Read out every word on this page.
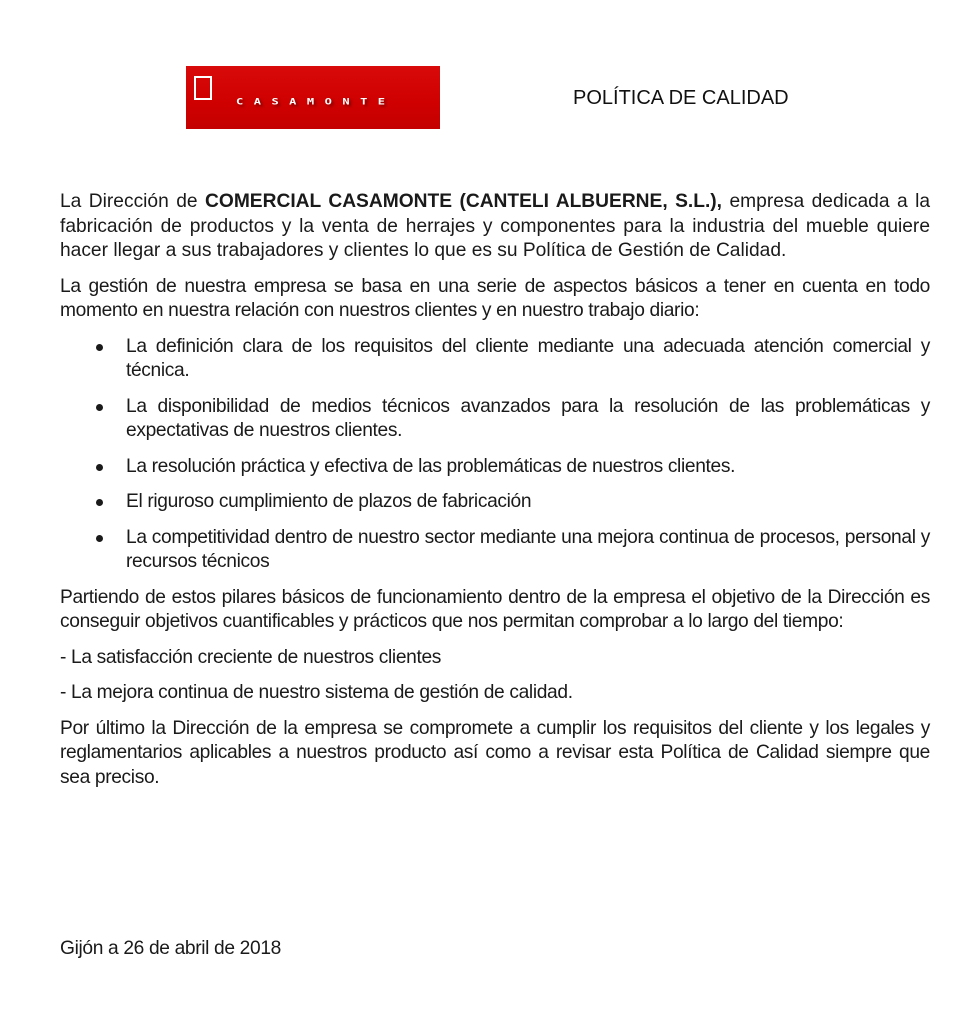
CASAMONTE	POLÍTICA DE CALIDAD

La Dirección de COMERCIAL CASAMONTE (CANTELI ALBUERNE, S.L.), empresa dedicada a la fabricación de productos y la venta de herrajes y componentes para la industria del mueble quiere hacer llegar a sus trabajadores y clientes lo que es su Política de Gestión de Calidad.

La gestión de nuestra empresa se basa en una serie de aspectos básicos a tener en cuenta en todo momento en nuestra relación con nuestros clientes y en nuestro trabajo diario:

La definición clara de los requisitos del cliente mediante una adecuada atención comercial y técnica.
La disponibilidad de medios técnicos avanzados para la resolución de las problemáticas y expectativas de nuestros clientes.
La resolución práctica y efectiva de las problemáticas de nuestros clientes.
El riguroso cumplimiento de plazos de fabricación
La competitividad dentro de nuestro sector mediante una mejora continua de procesos, personal y recursos técnicos

Partiendo de estos pilares básicos de funcionamiento dentro de la empresa el objetivo de la Dirección es conseguir objetivos cuantificables y prácticos que nos permitan comprobar a lo largo del tiempo:

- La satisfacción creciente de nuestros clientes

- La mejora continua de nuestro sistema de gestión de calidad.

Por último la Dirección de la empresa se compromete a cumplir los requisitos del cliente y los legales y reglamentarios aplicables a nuestros producto así como a revisar esta Política de Calidad siempre que sea preciso.

Gijón a 26 de abril de 2018
